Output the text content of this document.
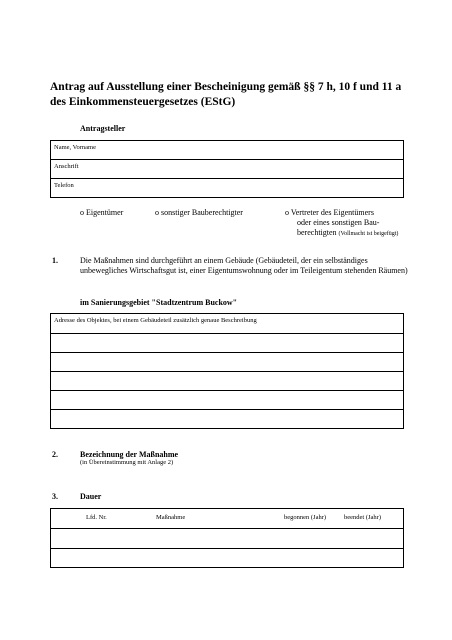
Antrag auf Ausstellung einer Bescheinigung gemäß §§ 7 h, 10 f und 11 a des Einkommensteuergesetzes (EStG)
Antragsteller
Name, Vorname
Anschrift
Telefon
o Eigentümer	o sonstiger Bauberechtigter	o Vertreter des Eigentümers
oder eines sonstigen Bau-
berechtigten (Vollmacht ist beigefügt)
1.	Die Maßnahmen sind durchgeführt an einem Gebäude (Gebäudeteil, der ein selbständiges unbewegliches Wirtschaftsgut ist, einer Eigentumswohnung oder im Teileigentum stehenden Räumen)
im Sanierungsgebiet "Stadtzentrum Buckow"
Adresse des Objektes, bei einem Gebäudeteil zusätzlich genaue Beschreibung
2.	Bezeichnung der Maßnahme
(in Übereinstimmung mit Anlage 2)
3.	Dauer
Lfd. Nr.	Maßnahme	begonnen (Jahr)	beendet (Jahr)
